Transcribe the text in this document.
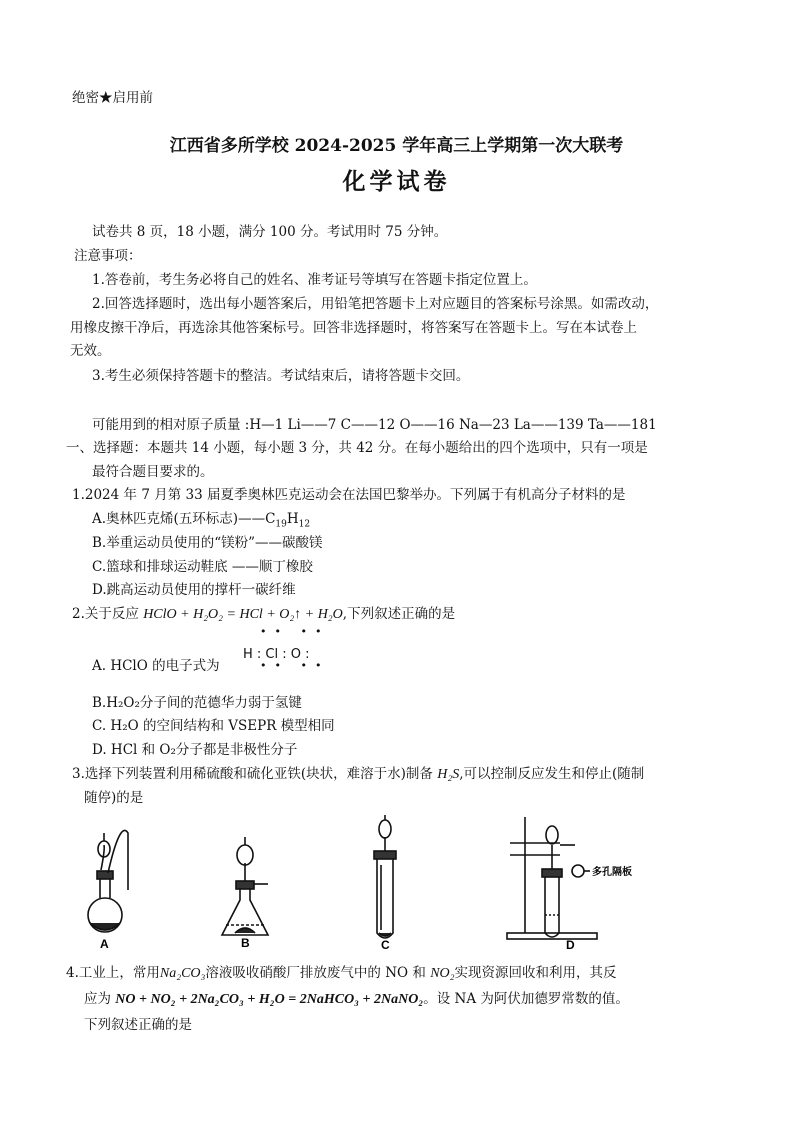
绝密★启用前
江西省多所学校 2024-2025 学年高三上学期第一次大联考
化学试卷
试卷共 8 页，18 小题，满分 100 分。考试用时 75 分钟。
注意事项：
1.答卷前，考生务必将自己的姓名、准考证号等填写在答题卡指定位置上。
2.回答选择题时，选出每小题答案后，用铅笔把答题卡上对应题目的答案标号涂黑。如需改动，
用橡皮擦干净后，再选涂其他答案标号。回答非选择题时，将答案写在答题卡上。写在本试卷上
无效。
3.考生必须保持答题卡的整洁。考试结束后，请将答题卡交回。
可能用到的相对原子质量 :H—1 Li——7 C——12 O——16 Na—23 La——139 Ta——181
一、选择题：本题共 14 小题，每小题 3 分，共 42 分。在每小题给出的四个选项中，只有一项是
最符合题目要求的。
1.2024 年 7 月第 33 届夏季奥林匹克运动会在法国巴黎举办。下列属于有机高分子材料的是
A.奥林匹克烯(五环标志)$——C_{19}H_{12}$
B.举重运动员使用的“镁粉”——碳酸镁
C.篮球和排球运动鞋底 ——顺丁橡胶
D.跳高运动员使用的撑杆一碳纤维
2.关于反应 HClO + H₂O₂ = HCl + O₂↑ + H₂O,下列叙述正确的是
A. HClO 的电子式为
•• ••
H : Cl : O :
•• ••
B.H₂O₂分子间的范德华力弱于氢键
C. H₂O 的空间结构和 VSEPR 模型相同
D. HCl 和 O₂分子都是非极性分子
3.选择下列装置利用稀硫酸和硫化亚铁(块状，难溶于水)制备 H₂S,可以控制反应发生和停止(随制
随停)的是
A	B	C	D
多孔隔板
4.工业上，常用Na₂CO₃溶液吸收硝酸厂排放废气中的 NO 和 NO₂实现资源回收和利用，其反
应为 NO + NO₂ + 2Na₂CO₃ + H₂O = 2NaHCO₃ + 2NaNO₂。设 NA 为阿伏加德罗常数的值。
下列叙述正确的是
